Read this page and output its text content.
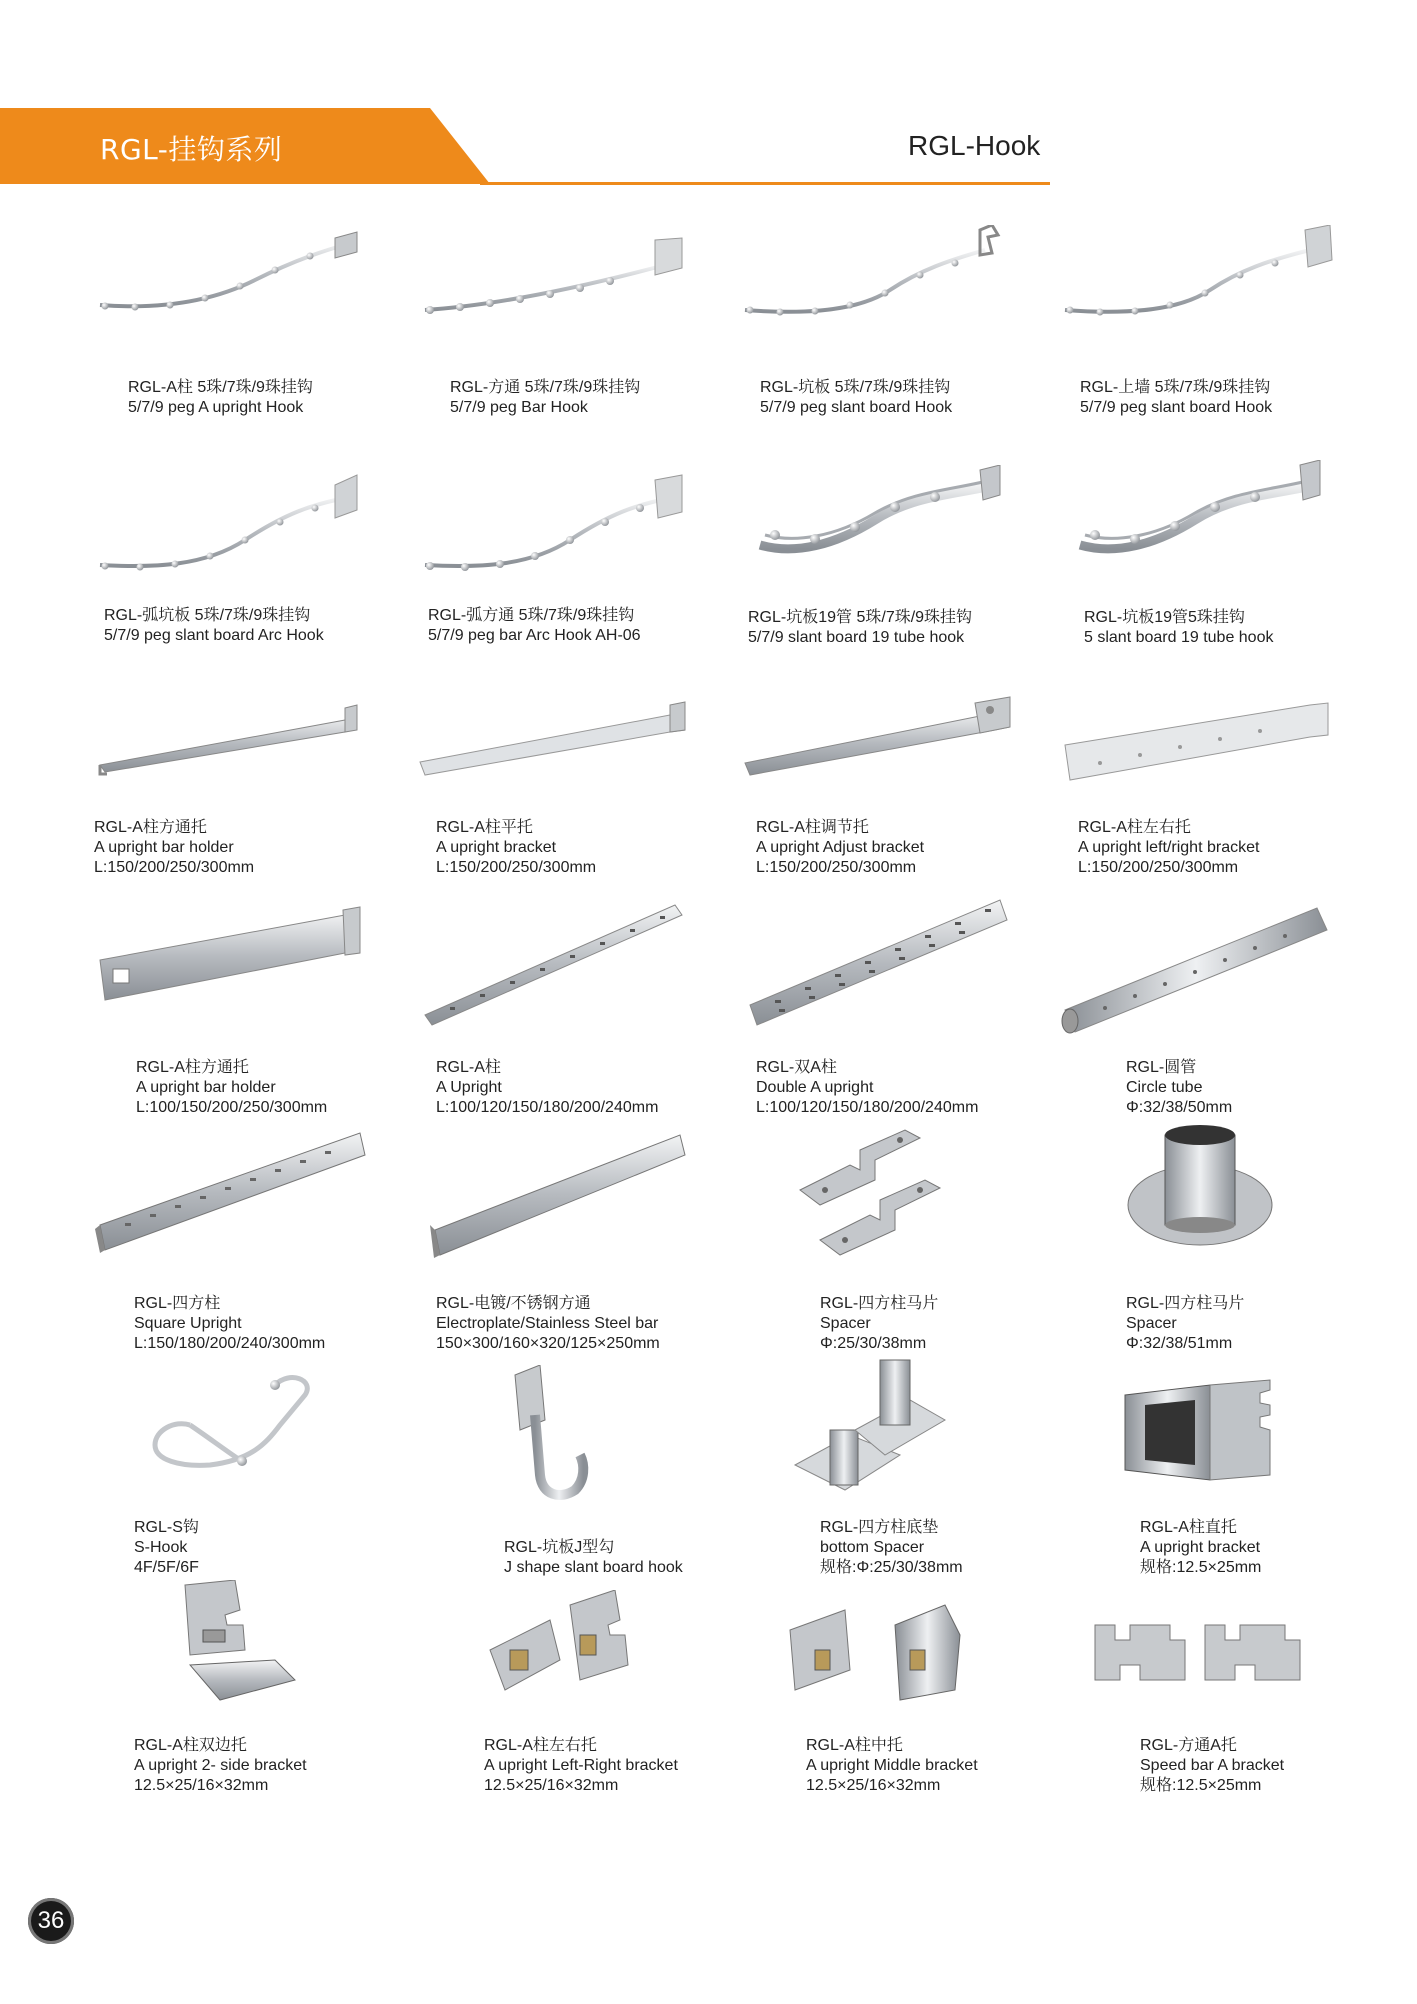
RGL-挂钩系列	RGL-Hook
RGL-A柱 5珠/7珠/9珠挂钩
5/7/9 peg A upright Hook
RGL-方通 5珠/7珠/9珠挂钩
5/7/9 peg Bar Hook
RGL-坑板 5珠/7珠/9珠挂钩
5/7/9 peg slant board Hook
RGL-上墙 5珠/7珠/9珠挂钩
5/7/9 peg slant board Hook
RGL-弧坑板 5珠/7珠/9珠挂钩
5/7/9 peg slant board Arc Hook
RGL-弧方通 5珠/7珠/9珠挂钩
5/7/9 peg bar Arc Hook AH-06
RGL-坑板19管 5珠/7珠/9珠挂钩
5/7/9 slant board 19 tube hook
RGL-坑板19管5珠挂钩
5 slant board 19 tube hook
RGL-A柱方通托
A upright bar holder
L:150/200/250/300mm
RGL-A柱平托
A upright bracket
L:150/200/250/300mm
RGL-A柱调节托
A upright Adjust bracket
L:150/200/250/300mm
RGL-A柱左右托
A upright left/right bracket
L:150/200/250/300mm
RGL-A柱方通托
A upright bar holder
L:100/150/200/250/300mm
RGL-A柱
A Upright
L:100/120/150/180/200/240mm
RGL-双A柱
Double A upright
L:100/120/150/180/200/240mm
RGL-圆管
Circle tube
Φ:32/38/50mm
RGL-四方柱
Square Upright
L:150/180/200/240/300mm
RGL-电镀/不锈钢方通
Electroplate/Stainless Steel bar
150×300/160×320/125×250mm
RGL-四方柱马片
Spacer
Φ:25/30/38mm
RGL-四方柱马片
Spacer
Φ:32/38/51mm
RGL-S钩
S-Hook
4F/5F/6F
RGL-坑板J型勾
J shape slant board hook
RGL-四方柱底垫
bottom Spacer
规格:Φ:25/30/38mm
RGL-A柱直托
A upright bracket
规格:12.5×25mm
RGL-A柱双边托
A upright 2- side bracket
12.5×25/16×32mm
RGL-A柱左右托
A upright Left-Right bracket
12.5×25/16×32mm
RGL-A柱中托
A upright Middle bracket
12.5×25/16×32mm
RGL-方通A托
Speed bar A bracket
规格:12.5×25mm
36
